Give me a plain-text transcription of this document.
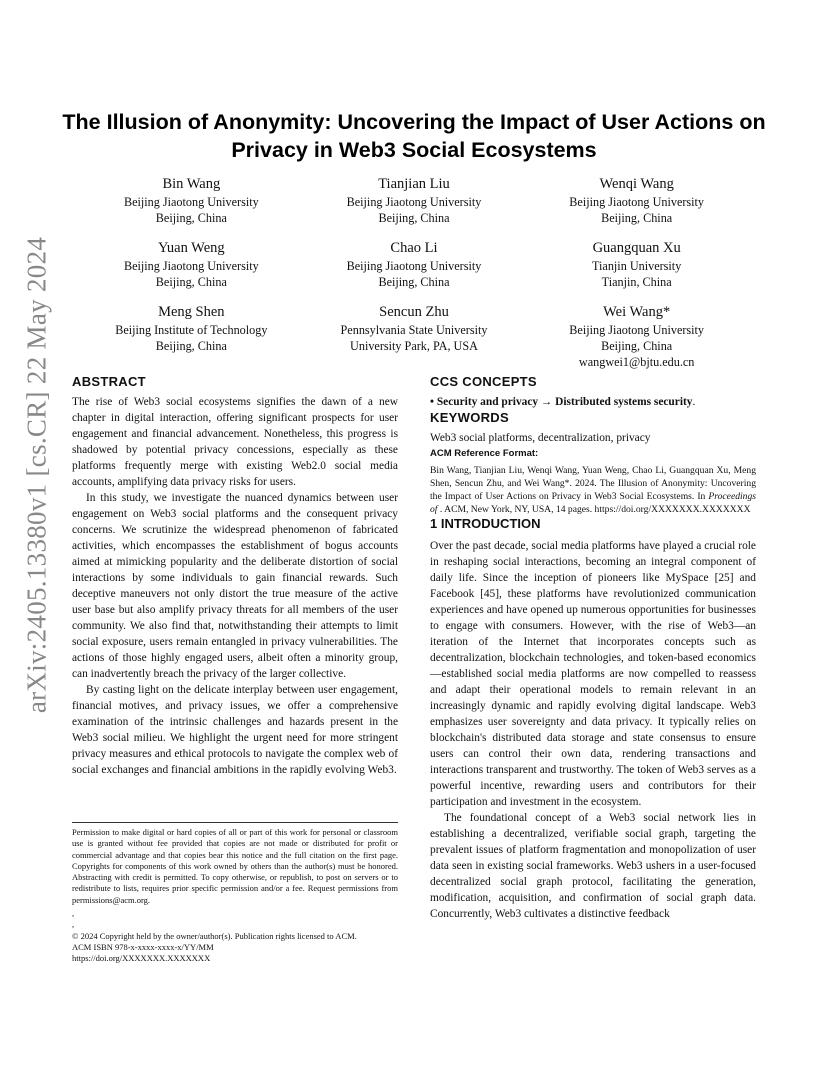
arXiv:2405.13380v1 [cs.CR] 22 May 2024
The Illusion of Anonymity: Uncovering the Impact of User Actions on Privacy in Web3 Social Ecosystems
Bin Wang
Beijing Jiaotong University
Beijing, China
Tianjian Liu
Beijing Jiaotong University
Beijing, China
Wenqi Wang
Beijing Jiaotong University
Beijing, China
Yuan Weng
Beijing Jiaotong University
Beijing, China
Chao Li
Beijing Jiaotong University
Beijing, China
Guangquan Xu
Tianjin University
Tianjin, China
Meng Shen
Beijing Institute of Technology
Beijing, China
Sencun Zhu
Pennsylvania State University
University Park, PA, USA
Wei Wang*
Beijing Jiaotong University
Beijing, China
wangwei1@bjtu.edu.cn
ABSTRACT

The rise of Web3 social ecosystems signifies the dawn of a new chapter in digital interaction, offering significant prospects for user engagement and financial advancement. Nonetheless, this progress is shadowed by potential privacy concessions, especially as these platforms frequently merge with existing Web2.0 social media accounts, amplifying data privacy risks for users.

In this study, we investigate the nuanced dynamics between user engagement on Web3 social platforms and the consequent privacy concerns. We scrutinize the widespread phenomenon of fabricated activities, which encompasses the establishment of bogus accounts aimed at mimicking popularity and the deliberate distortion of social interactions by some individuals to gain financial rewards. Such deceptive maneuvers not only distort the true measure of the active user base but also amplify privacy threats for all members of the user community. We also find that, notwithstanding their attempts to limit social exposure, users remain entangled in privacy vulnerabilities. The actions of those highly engaged users, albeit often a minority group, can inadvertently breach the privacy of the larger collective.

By casting light on the delicate interplay between user engagement, financial motives, and privacy issues, we offer a comprehensive examination of the intrinsic challenges and hazards present in the Web3 social milieu. We highlight the urgent need for more stringent privacy measures and ethical protocols to navigate the complex web of social exchanges and financial ambitions in the rapidly evolving Web3.

CCS CONCEPTS

• Security and privacy → Distributed systems security.

KEYWORDS

Web3 social platforms, decentralization, privacy

ACM Reference Format:

Bin Wang, Tianjian Liu, Wenqi Wang, Yuan Weng, Chao Li, Guangquan Xu, Meng Shen, Sencun Zhu, and Wei Wang*. 2024. The Illusion of Anonymity: Uncovering the Impact of User Actions on Privacy in Web3 Social Ecosystems. In Proceedings of . ACM, New York, NY, USA, 14 pages. https://doi.org/XXXXXXX.XXXXXXX

1 INTRODUCTION

Over the past decade, social media platforms have played a crucial role in reshaping social interactions, becoming an integral component of daily life. Since the inception of pioneers like MySpace [25] and Facebook [45], these platforms have revolutionized communication experiences and have opened up numerous opportunities for businesses to engage with consumers. However, with the rise of Web3—an iteration of the Internet that incorporates concepts such as decentralization, blockchain technologies, and token-based economics—established social media platforms are now compelled to reassess and adapt their operational models to remain relevant in an increasingly dynamic and rapidly evolving digital landscape. Web3 emphasizes user sovereignty and data privacy. It typically relies on blockchain's distributed data storage and state consensus to ensure users can control their own data, rendering transactions and interactions transparent and trustworthy. The token of Web3 serves as a powerful incentive, rewarding users and contributors for their participation and investment in the ecosystem.

The foundational concept of a Web3 social network lies in establishing a decentralized, verifiable social graph, targeting the prevalent issues of platform fragmentation and monopolization of user data seen in existing social frameworks. Web3 ushers in a user-focused decentralized social graph protocol, facilitating the generation, modification, acquisition, and confirmation of social graph data. Concurrently, Web3 cultivates a distinctive feedback

Permission to make digital or hard copies of all or part of this work for personal or classroom use is granted without fee provided that copies are not made or distributed for profit or commercial advantage and that copies bear this notice and the full citation on the first page. Copyrights for components of this work owned by others than the author(s) must be honored. Abstracting with credit is permitted. To copy otherwise, or republish, to post on servers or to redistribute to lists, requires prior specific permission and/or a fee. Request permissions from permissions@acm.org.

,

,

© 2024 Copyright held by the owner/author(s). Publication rights licensed to ACM.

ACM ISBN 978-x-xxxx-xxxx-x/YY/MM

https://doi.org/XXXXXXX.XXXXXXX
